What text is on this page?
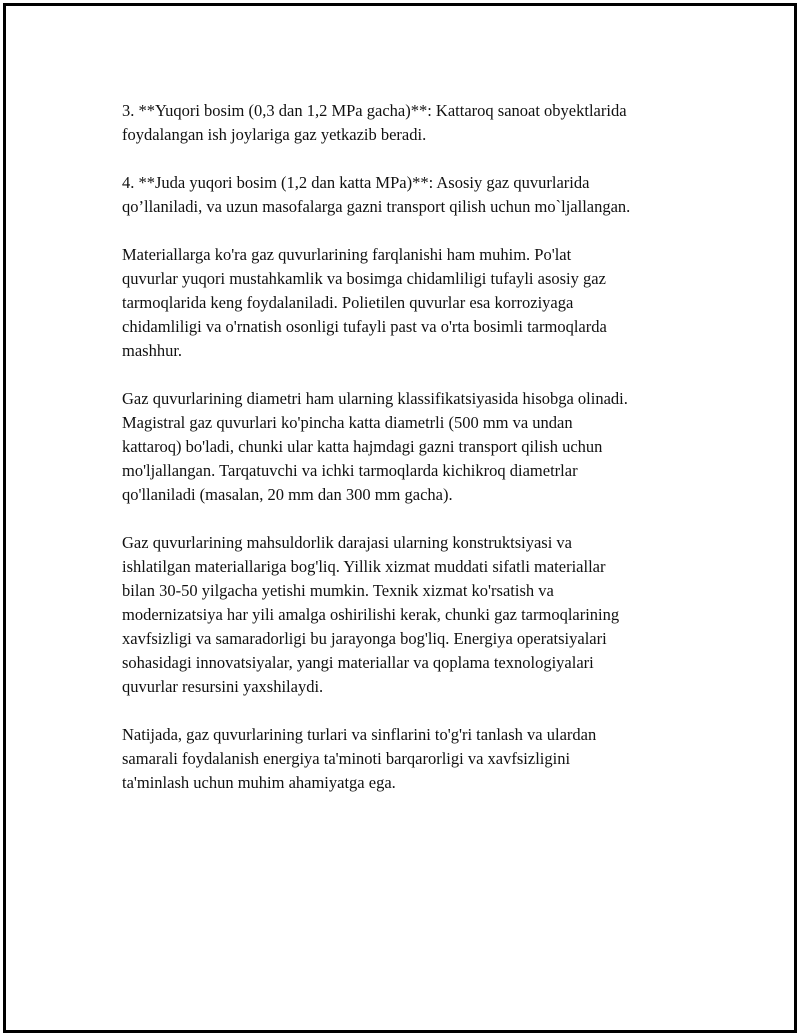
3. **Yuqori bosim (0,3 dan 1,2 MPa gacha)**: Kattaroq sanoat obyektlarida
foydalangan ish joylariga gaz yetkazib beradi.

4. **Juda yuqori bosim (1,2 dan katta MPa)**: Asosiy gaz quvurlarida
qo’llaniladi, va uzun masofalarga gazni transport qilish uchun mo`ljallangan.

Materiallarga ko'ra gaz quvurlarining farqlanishi ham muhim. Po'lat
quvurlar yuqori mustahkamlik va bosimga chidamliligi tufayli asosiy gaz
tarmoqlarida keng foydalaniladi. Polietilen quvurlar esa korroziyaga
chidamliligi va o'rnatish osonligi tufayli past va o'rta bosimli tarmoqlarda
mashhur.

Gaz quvurlarining diametri ham ularning klassifikatsiyasida hisobga olinadi.
Magistral gaz quvurlari ko'pincha katta diametrli (500 mm va undan
kattaroq) bo'ladi, chunki ular katta hajmdagi gazni transport qilish uchun
mo'ljallangan. Tarqatuvchi va ichki tarmoqlarda kichikroq diametrlar
qo'llaniladi (masalan, 20 mm dan 300 mm gacha).

Gaz quvurlarining mahsuldorlik darajasi ularning konstruktsiyasi va
ishlatilgan materiallariga bog'liq. Yillik xizmat muddati sifatli materiallar
bilan 30-50 yilgacha yetishi mumkin. Texnik xizmat ko'rsatish va
modernizatsiya har yili amalga oshirilishi kerak, chunki gaz tarmoqlarining
xavfsizligi va samaradorligi bu jarayonga bog'liq. Energiya operatsiyalari
sohasidagi innovatsiyalar, yangi materiallar va qoplama texnologiyalari
quvurlar resursini yaxshilaydi.

Natijada, gaz quvurlarining turlari va sinflarini to'g'ri tanlash va ulardan
samarali foydalanish energiya ta'minoti barqarorligi va xavfsizligini
ta'minlash uchun muhim ahamiyatga ega.
